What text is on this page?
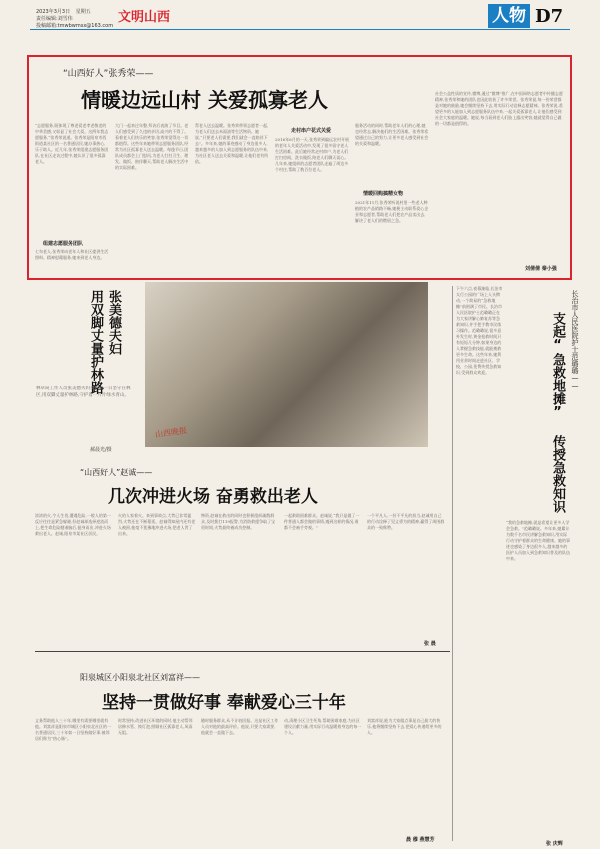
2023年3月3日 星期五
责任编辑:刘雪伟
投稿邮箱:tmwbwmsx@163.com
文明山西	人物 D7
“山西好人”张秀荣——
情暖边远山村 关爱孤寡老人
“志愿服务,既体现了尊老爱老孝老敬老的中华美德,又彰显了社会大爱。这两年我志愿服务,“张秀荣说道。张秀荣是阳泉市西街道某社区的一名普通居民,她办事热心,乐于助人。近几年,张秀荣组建志愿服务团队,在社区走访过程中,她认识了很多孤寡老人。
组建志愿服务团队
七旬老人,张秀荣向老年人和社区提供生活照料、精神慰藉服务,她来到老人身边。
大门一起来过年整,拜访后表演了节目。老人们感受到了久违的亲切,高兴的不得了。看着老人们快乐的笑容,张秀荣觉得这一切都值得。这些年来她带领志愿服务团队,经常为社区孤寡老人送去温暖。每逢节日,团队成员都会上门慰问,为老人打扫卫生、理发、做饭、陪伴聊天,帮助老人解决生活中的实际困难。
帮老人送去温暖。张秀荣带领志愿者一起,为老人们送去米面油等生活物资。她说,“只要老人们需要,我们就会一直陪伴下去”。多年来,她的事迹感动了身边很多人,越来越多的人加入到志愿服务的队伍中来,为社区老人送去关爱和温暖,让他们老有所依。
走村串户花式关爱
2016年6月的一天,张秀荣到偏远农村开展的老年人关爱活动中,发现了很多留守老人生活困难。此后她经常走村串户,为老人们打扫房间、洗衣做饭,陪老人们聊天谈心。几年来,她组织的志愿者团队走遍了周边多个村庄,帮助了数百位老人。
服务活动的同时,帮助老年人们的心理,她也经常去,解决他们的生活困难。张秀荣希望通过自己的努力,让更多老人感受到社会的关爱和温暖。
情暖回购搞精女物
2021年11月,张秀荣听说村里一些老人种植的农产品销路不畅,她便主动联系爱心企业和志愿者,帮助老人们把农产品卖出去,解决了老人们的燃眉之急。
社会公益性质的宣传,微博,通过“微博”推广,在中国网络志愿者中传播志愿精神,张秀荣和她的团队也因此收获了许多荣誉。张秀荣说,每一份荣誉都是对她的鼓励,她会继续坚持下去,用实际行动诠释志愿精神。张秀荣说,希望更多的人能加入到志愿服务队伍中来,一起关爱孤寡老人,让他们感受到社会大家庭的温暖。她说,每当看到老人们脸上露出笑容,她就觉得自己做的一切都是值得的。
刘倩倩 秦小强
山西晚报
张美德夫妇
用双脚丈量护林路
林草局工作人员张美德夫妇多年如一日坚守在林区,用双脚丈量护林路,守护着一片片绿水青山。
郝晨光/摄
“山西好人”赵诚——
几次冲进火场 奋勇救出老人
浓浓的火,令人生畏,遭遇危险,一般人的第一反应往往是紧急躲避,但赵诚却选择逆流而上,把生命危险抛诸脑后,挺身而出,冲进火场救出老人。赵诚,阳泉市某社区居民。
火的人家着火。来到事故点,大势已非常猛烈,火势还在不断蔓延。赵诚得知屋内还有老人被困,他毫不犹豫地冲进火场,把老人背了出来。
物资,赵诚在救出的同时也积极组织疏散群众,及时拨打119报警,为消防救援争取了宝贵时间,火势最终被成功控制。
一起救助困难群众。赵诚说,“我只是做了一件普通人都会做的事情,遇到这样的情况,谁都不会袖手旁观。”
一个平凡人,一份不平凡的担当,赵诚用自己的行动诠释了见义勇为的精神,赢得了周围群众的一致称赞。
张 晨
阳泉城区小阳泉北社区刘富祥——
坚持一贯做好事 奉献爱心三十年
义务帮助他人三十年,哪里有需要哪里就有他。刘富祥是阳泉市城区小阳泉北社区的一名普通居民,三十年如一日坚持做好事,被邻居们称为“热心肠”。
时常坚持,改进社区环境的同时,他主动帮邻居修水管、换灯泡,照顾社区孤寡老人,风雨无阻。
随时服务群众,从不计较回报。这是社区工作人员对他的最高评价。他说,只要大家需要,他就会一直做下去。
动,清理小区卫生死角,帮助困难家庭,为社区建设贡献力量,用实际行动温暖着身边的每一个人。
刘富祥说,能为大家做点事是自己最大的快乐,他将继续坚持下去,把爱心传递给更多的人。
晨 穆 燕慧芳
下午六点,夜幕渐临,长治市太行公园的广场上人头攒动,一个简易的“急救地摊”前围满了市民。长治市人民医院护士范璐璐正在为大家讲解心肺复苏等急救知识,并手把手教市民练习操作。范璐璐说,很多意外发生时,黄金抢救时间只有短短几分钟,如果身边的人掌握急救技能,就能挽救更多生命。这些年来,她利用业余时间走进社区、学校、公园,免费传授急救知识,受到群众欢迎。	长治市人民医院护士范璐璐——
支起“急救地摊” 传授急救知识
“我的急救地摊,就是希望让更多人学会急救。”范璐璐说。多年来,她累计为数千名市民讲解急救知识,用实际行动守护着群众的生命健康。她的事迹也感染了身边很多人,越来越多的医护人员加入到急救知识普及的队伍中来。
张 庆辉
